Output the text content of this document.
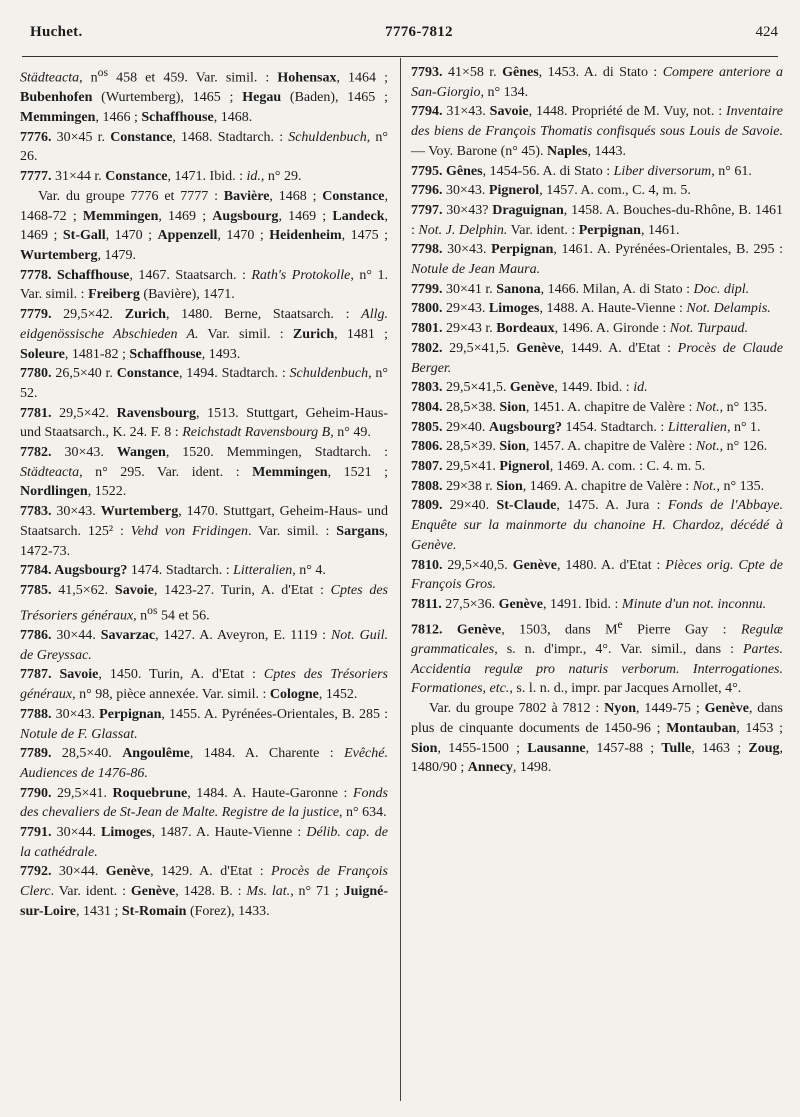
Huchet.	7776-7812	424

Städteacta, $n^{os}$ 458 et 459. Var. simil. : Hohensax, 1464 ; Bubenhofen (Wurtemberg), 1465 ; Hegau (Baden), 1465 ; Memmingen, 1466 ; Schaffhouse, 1468.

7776. 30×45 r. Constance, 1468. Stadtarch. : Schuldenbuch, n° 26.

7777. 31×44 r. Constance, 1471. Ibid. : id., n° 29.

Var. du groupe 7776 et 7777 : Bavière, 1468 ; Constance, 1468-72 ; Memmingen, 1469 ; Augsbourg, 1469 ; Landeck, 1469 ; St-Gall, 1470 ; Appenzell, 1470 ; Heidenheim, 1475 ; Wurtemberg, 1479.

7778. Schaffhouse, 1467. Staatsarch. : Rath's Protokolle, n° 1. Var. simil. : Freiberg (Bavière), 1471.

7779. 29,5×42. Zurich, 1480. Berne, Staatsarch. : Allg. eidgenössische Abschieden A. Var. simil. : Zurich, 1481 ; Soleure, 1481-82 ; Schaffhouse, 1493.

7780. 26,5×40 r. Constance, 1494. Stadtarch. : Schuldenbuch, n° 52.

7781. 29,5×42. Ravensbourg, 1513. Stuttgart, Geheim-Haus- und Staatsarch., K. 24. F. 8 : Reichstadt Ravensbourg B, n° 49.

7782. 30×43. Wangen, 1520. Memmingen, Stadtarch. : Städteacta, n° 295. Var. ident. : Memmingen, 1521 ; Nordlingen, 1522.

7783. 30×43. Wurtemberg, 1470. Stuttgart, Geheim-Haus- und Staatsarch. 125² : Vehd von Fridingen. Var. simil. : Sargans, 1472-73.

7784. Augsbourg? 1474. Stadtarch. : Litteralien, n° 4.

7785. 41,5×62. Savoie, 1423-27. Turin, A. d'Etat : Cptes des Trésoriers généraux, $n^{os}$ 54 et 56.

7786. 30×44. Savarzac, 1427. A. Aveyron, E. 1119 : Not. Guil. de Greyssac.

7787. Savoie, 1450. Turin, A. d'Etat : Cptes des Trésoriers généraux, n° 98, pièce annexée. Var. simil. : Cologne, 1452.

7788. 30×43. Perpignan, 1455. A. Pyrénées-Orientales, B. 285 : Notule de F. Glassat.

7789. 28,5×40. Angoulême, 1484. A. Charente : Evêché. Audiences de 1476-86.

7790. 29,5×41. Roquebrune, 1484. A. Haute-Garonne : Fonds des chevaliers de St-Jean de Malte. Registre de la justice, n° 634.

7791. 30×44. Limoges, 1487. A. Haute-Vienne : Délib. cap. de la cathédrale.

7792. 30×44. Genève, 1429. A. d'Etat : Procès de François Clerc. Var. ident. : Genève, 1428. B. : Ms. lat., n° 71 ; Juigné-sur-Loire, 1431 ; St-Romain (Forez), 1433.

7793. 41×58 r. Gênes, 1453. A. di Stato : Compere anteriore a San-Giorgio, n° 134.

7794. 31×43. Savoie, 1448. Propriété de M. Vuy, not. : Inventaire des biens de François Thomatis confisqués sous Louis de Savoie. — Voy. Barone (n° 45). Naples, 1443.

7795. Gênes, 1454-56. A. di Stato : Liber diversorum, n° 61.

7796. 30×43. Pignerol, 1457. A. com., C. 4, m. 5.

7797. 30×43? Draguignan, 1458. A. Bouches-du-Rhône, B. 1461 : Not. J. Delphin. Var. ident. : Perpignan, 1461.

7798. 30×43. Perpignan, 1461. A. Pyrénées-Orientales, B. 295 : Notule de Jean Maura.

7799. 30×41 r. Sanona, 1466. Milan, A. di Stato : Doc. dipl.

7800. 29×43. Limoges, 1488. A. Haute-Vienne : Not. Delampis.

7801. 29×43 r. Bordeaux, 1496. A. Gironde : Not. Turpaud.

7802. 29,5×41,5. Genève, 1449. A. d'Etat : Procès de Claude Berger.

7803. 29,5×41,5. Genève, 1449. Ibid. : id.

7804. 28,5×38. Sion, 1451. A. chapitre de Valère : Not., n° 135.

7805. 29×40. Augsbourg? 1454. Stadtarch. : Litteralien, n° 1.

7806. 28,5×39. Sion, 1457. A. chapitre de Valère : Not., n° 126.

7807. 29,5×41. Pignerol, 1469. A. com. : C. 4. m. 5.

7808. 29×38 r. Sion, 1469. A. chapitre de Valère : Not., n° 135.

7809. 29×40. St-Claude, 1475. A. Jura : Fonds de l'Abbaye. Enquête sur la mainmorte du chanoine H. Chardoz, décédé à Genève.

7810. 29,5×40,5. Genève, 1480. A. d'Etat : Pièces orig. Cpte de François Gros.

7811. 27,5×36. Genève, 1491. Ibid. : Minute d'un not. inconnu.

7812. Genève, 1503, dans Me Pierre Gay : Regulæ grammaticales, s. n. d'impr., 4°. Var. simil., dans : Partes. Accidentia regulæ pro naturis verborum. Interrogationes. Formationes, etc., s. l. n. d., impr. par Jacques Arnollet, 4°.

Var. du groupe 7802 à 7812 : Nyon, 1449-75 ; Genève, dans plus de cinquante documents de 1450-96 ; Montauban, 1453 ; Sion, 1455-1500 ; Lausanne, 1457-88 ; Tulle, 1463 ; Zoug, 1480/90 ; Annecy, 1498.
